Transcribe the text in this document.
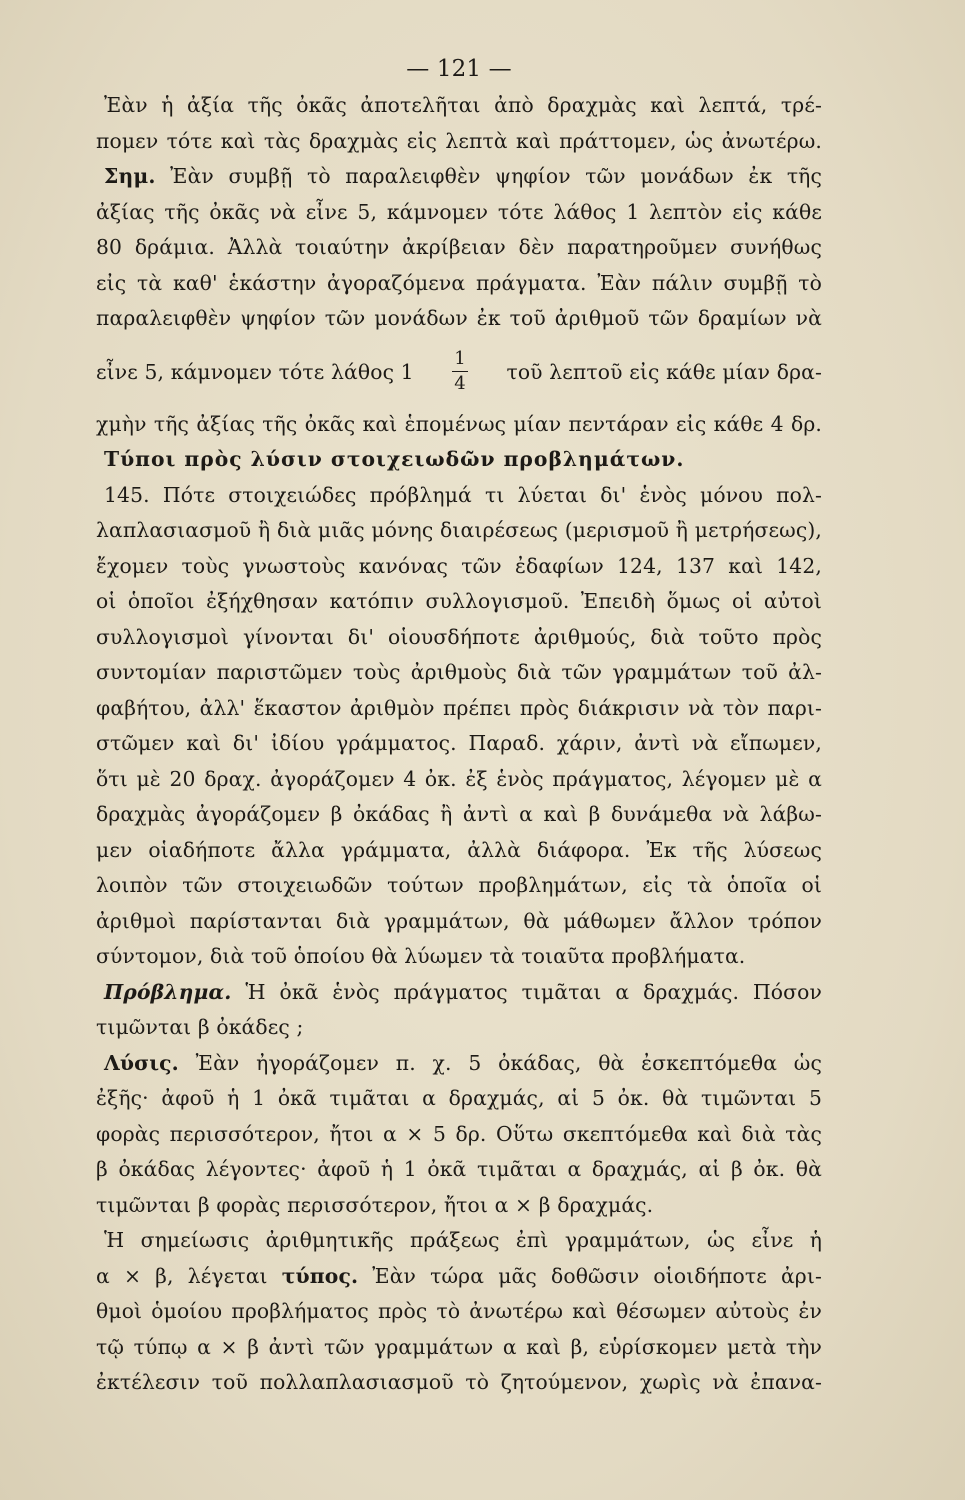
— 121 —
Ἐὰν ἡ ἀξία τῆς ὀκᾶς ἀποτελῆται ἀπὸ δραχμὰς καὶ λεπτά, τρέ-
πομεν τότε καὶ τὰς δραχμὰς εἰς λεπτὰ καὶ πράττομεν, ὡς ἀνωτέρω.
Σημ. Ἐὰν συμβῇ τὸ παραλειφθὲν ψηφίον τῶν μονάδων ἐκ τῆς
ἀξίας τῆς ὀκᾶς νὰ εἶνε 5, κάμνομεν τότε λάθος 1 λεπτὸν εἰς κάθε
80 δράμια. Ἀλλὰ τοιαύτην ἀκρίβειαν δὲν παρατηροῦμεν συνήθως
εἰς τὰ καθ' ἑκάστην ἀγοραζόμενα πράγματα. Ἐὰν πάλιν συμβῇ τὸ
παραλειφθὲν ψηφίον τῶν μονάδων ἐκ τοῦ ἀριθμοῦ τῶν δραμίων νὰ
εἶνε 5, κάμνομεν τότε λάθος $1 \frac{1}{4}$ τοῦ λεπτοῦ εἰς κάθε μίαν δρα-
χμὴν τῆς ἀξίας τῆς ὀκᾶς καὶ ἑπομένως μίαν πεντάραν εἰς κάθε 4 δρ.
Τύποι πρὸς λύσιν στοιχειωδῶν προβλημάτων.
145. Πότε στοιχειώδες πρόβλημά τι λύεται δι' ἑνὸς μόνου πολ-
λαπλασιασμοῦ ἢ διὰ μιᾶς μόνης διαιρέσεως (μερισμοῦ ἢ μετρήσεως),
ἔχομεν τοὺς γνωστοὺς κανόνας τῶν ἐδαφίων 124, 137 καὶ 142,
οἱ ὁποῖοι ἐξήχθησαν κατόπιν συλλογισμοῦ. Ἐπειδὴ ὅμως οἱ αὐτοὶ
συλλογισμοὶ γίνονται δι' οἱουσδήποτε ἀριθμούς, διὰ τοῦτο πρὸς
συντομίαν παριστῶμεν τοὺς ἀριθμοὺς διὰ τῶν γραμμάτων τοῦ ἀλ-
φαβήτου, ἀλλ' ἕκαστον ἀριθμὸν πρέπει πρὸς διάκρισιν νὰ τὸν παρι-
στῶμεν καὶ δι' ἰδίου γράμματος. Παραδ. χάριν, ἀντὶ νὰ εἴπωμεν,
ὅτι μὲ 20 δραχ. ἀγοράζομεν 4 ὀκ. ἐξ ἑνὸς πράγματος, λέγομεν μὲ α
δραχμὰς ἀγοράζομεν β ὀκάδας ἢ ἀντὶ α καὶ β δυνάμεθα νὰ λάβω-
μεν οἱαδήποτε ἄλλα γράμματα, ἀλλὰ διάφορα. Ἐκ τῆς λύσεως
λοιπὸν τῶν στοιχειωδῶν τούτων προβλημάτων, εἰς τὰ ὁποῖα οἱ
ἀριθμοὶ παρίστανται διὰ γραμμάτων, θὰ μάθωμεν ἄλλον τρόπον
σύντομον, διὰ τοῦ ὁποίου θὰ λύωμεν τὰ τοιαῦτα προβλήματα.
Πρόβλημα. Ἡ ὀκᾶ ἑνὸς πράγματος τιμᾶται α δραχμάς. Πόσον
τιμῶνται β ὀκάδες ;
Λύσις. Ἐὰν ἠγοράζομεν π. χ. 5 ὀκάδας, θὰ ἐσκεπτόμεθα ὡς
ἐξῆς· ἀφοῦ ἡ 1 ὀκᾶ τιμᾶται α δραχμάς, αἱ 5 ὀκ. θὰ τιμῶνται 5
φορὰς περισσότερον, ἤτοι α × 5 δρ. Οὕτω σκεπτόμεθα καὶ διὰ τὰς
β ὀκάδας λέγοντες· ἀφοῦ ἡ 1 ὀκᾶ τιμᾶται α δραχμάς, αἱ β ὀκ. θὰ
τιμῶνται β φορὰς περισσότερον, ἤτοι α × β δραχμάς.
Ἡ σημείωσις ἀριθμητικῆς πράξεως ἐπὶ γραμμάτων, ὡς εἶνε ἡ
α × β, λέγεται τύπος. Ἐὰν τώρα μᾶς δοθῶσιν οἱοιδήποτε ἀρι-
θμοὶ ὁμοίου προβλήματος πρὸς τὸ ἀνωτέρω καὶ θέσωμεν αὐτοὺς ἐν
τῷ τύπῳ α × β ἀντὶ τῶν γραμμάτων α καὶ β, εὑρίσκομεν μετὰ τὴν
ἐκτέλεσιν τοῦ πολλαπλασιασμοῦ τὸ ζητούμενον, χωρὶς νὰ ἐπανα-
